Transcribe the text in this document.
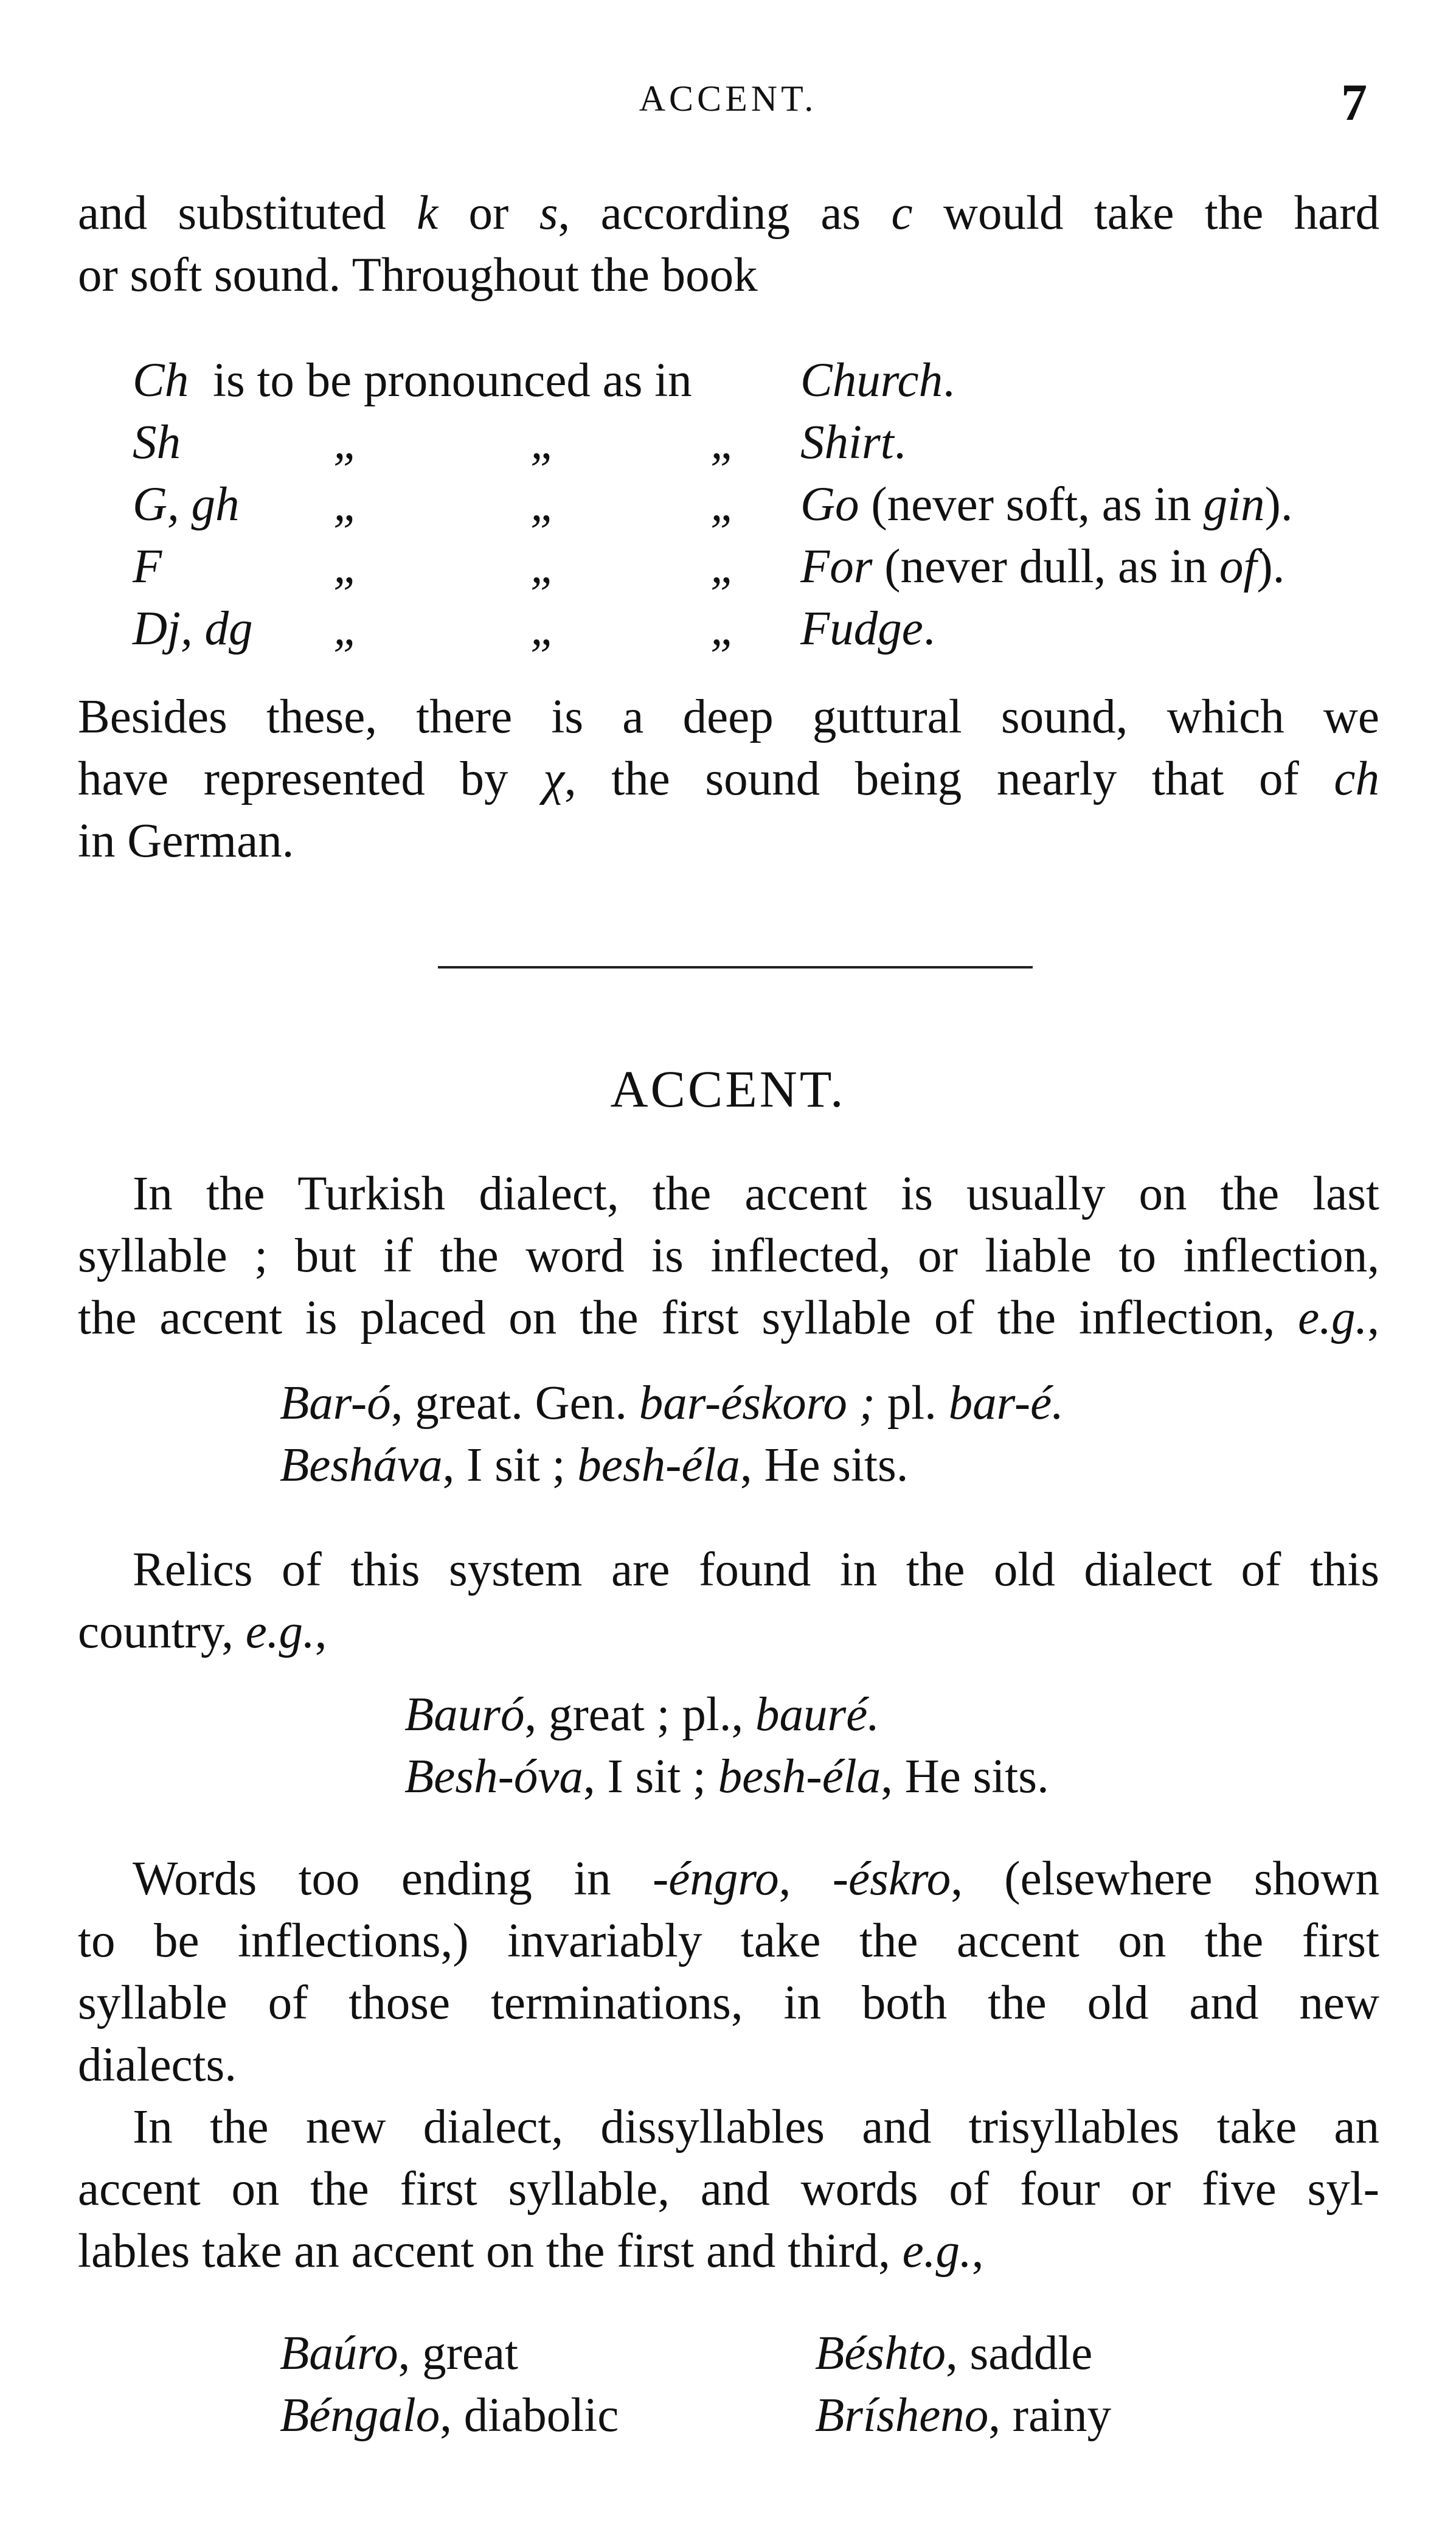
ACCENT.	7
and substituted k or s, according as c would take the hard
or soft sound. Throughout the book
Ch is to be pronounced as in Church.
Sh	„	„	„ Shirt.
G, gh „	„	„ Go (never soft, as in gin).
F	„	„	„ For (never dull, as in of).
Dj, dg „	„	„ Fudge.
Besides these, there is a deep guttural sound, which we
have represented by χ, the sound being nearly that of ch
in German.
ACCENT.
In the Turkish dialect, the accent is usually on the last
syllable ; but if the word is inflected, or liable to inflection,
the accent is placed on the first syllable of the inflection, e.g.,
Bar-ó, great. Gen. bar-éskoro ; pl. bar-é.
Besháva, I sit ; besh-éla, He sits.
Relics of this system are found in the old dialect of this
country, e.g.,
Bauró, great ; pl., bauré.
Besh-óva, I sit ; besh-éla, He sits.
Words too ending in -éngro, -éskro, (elsewhere shown
to be inflections,) invariably take the accent on the first
syllable of those terminations, in both the old and new
dialects.
In the new dialect, dissyllables and trisyllables take an
accent on the first syllable, and words of four or five syl-
lables take an accent on the first and third, e.g.,
Baúro, great	Béshto, saddle
Béngalo, diabolic	Brísheno, rainy
